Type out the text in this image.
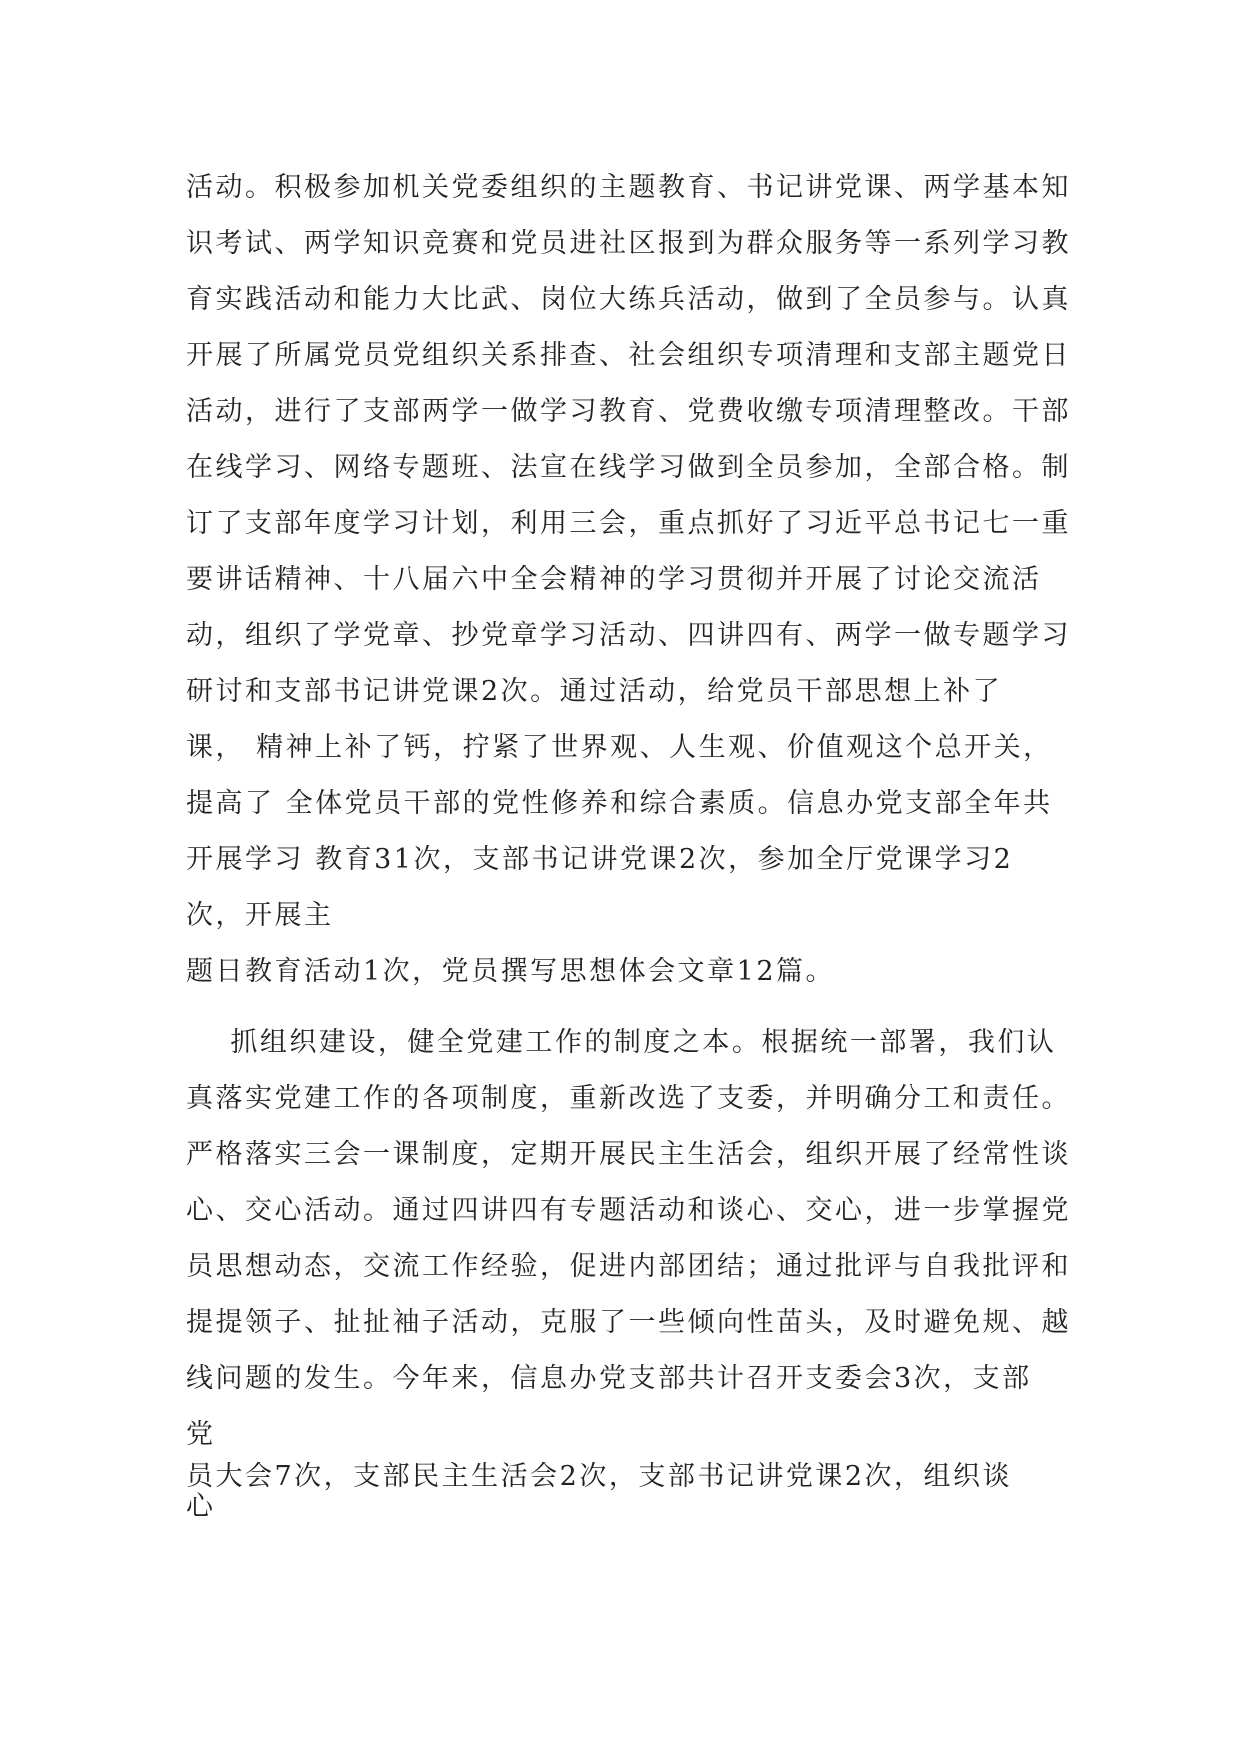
活动。积极参加机关党委组织的主题教育、书记讲党课、两学基本知
识考试、两学知识竞赛和党员进社区报到为群众服务等一系列学习教
育实践活动和能力大比武、岗位大练兵活动，做到了全员参与。认真
开展了所属党员党组织关系排查、社会组织专项清理和支部主题党日
活动，进行了支部两学一做学习教育、党费收缴专项清理整改。干部
在线学习、网络专题班、法宣在线学习做到全员参加，全部合格。制
订了支部年度学习计划，利用三会，重点抓好了习近平总书记七一重
要讲话精神、十八届六中全会精神的学习贯彻并开展了讨论交流活
动，组织了学党章、抄党章学习活动、四讲四有、两学一做专题学习
研讨和支部书记讲党课2次。通过活动，给党员干部思想上补了
课， 精神上补了钙，拧紧了世界观、人生观、价值观这个总开关，
提高了 全体党员干部的党性修养和综合素质。信息办党支部全年共
开展学习 教育31次，支部书记讲党课2次，参加全厅党课学习2
次，开展主
题日教育活动1次，党员撰写思想体会文章12篇。
抓组织建设，健全党建工作的制度之本。根据统一部署，我们认
真落实党建工作的各项制度，重新改选了支委，并明确分工和责任。
严格落实三会一课制度，定期开展民主生活会，组织开展了经常性谈
心、交心活动。通过四讲四有专题活动和谈心、交心，进一步掌握党
员思想动态，交流工作经验，促进内部团结；通过批评与自我批评和
提提领子、扯扯袖子活动，克服了一些倾向性苗头，及时避免规、越
线问题的发生。今年来，信息办党支部共计召开支委会3次，支部
党
员大会7次，支部民主生活会2次，支部书记讲党课2次，组织谈
心
